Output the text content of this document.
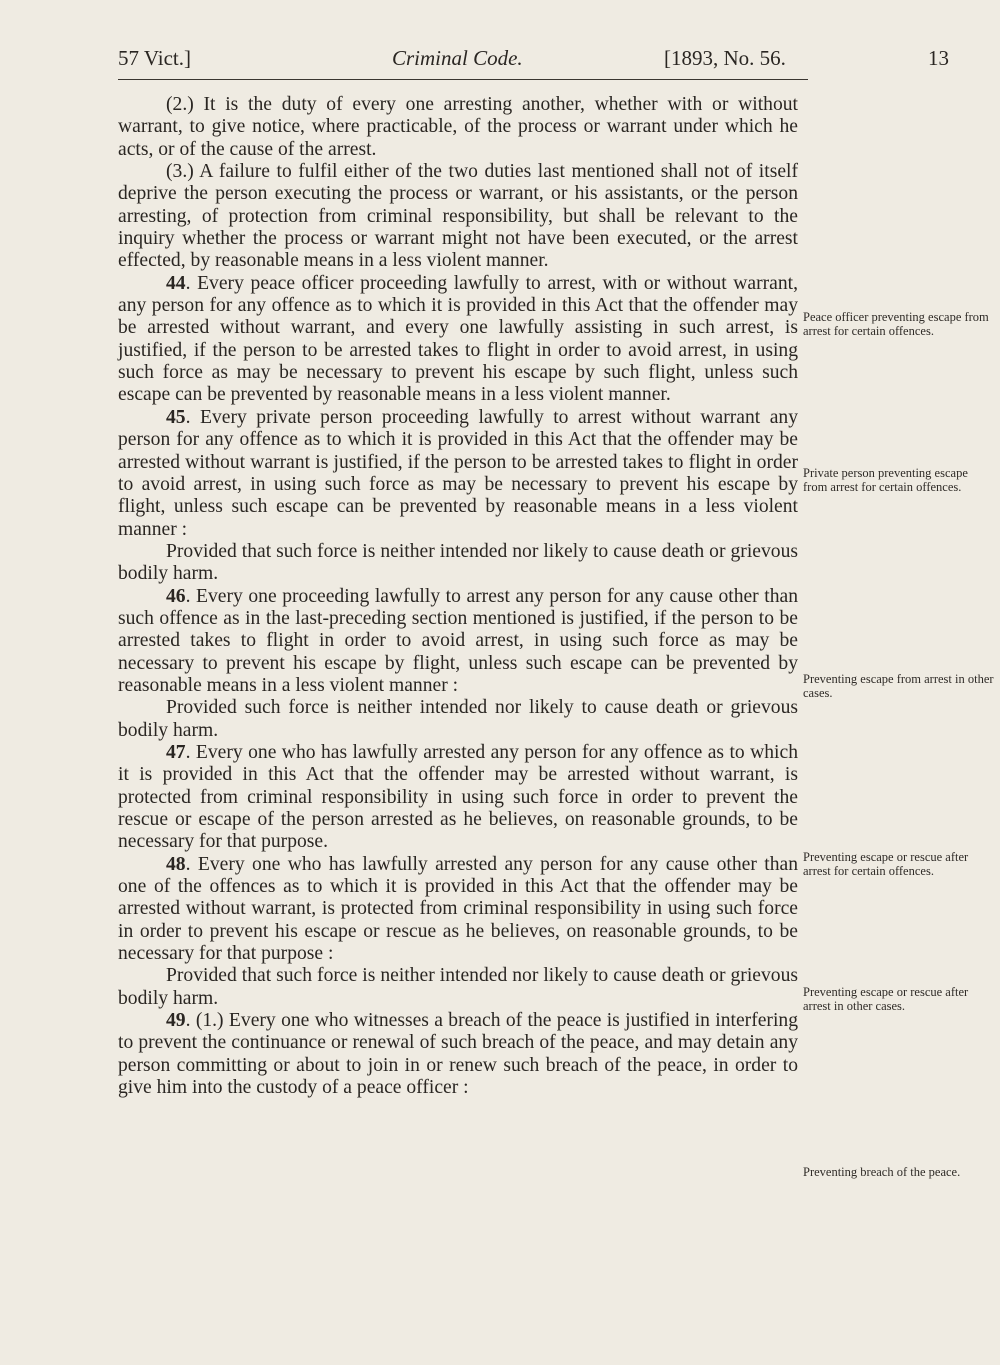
57 Vict.]	Criminal Code.	[1893, No. 56.	13

(2.) It is the duty of every one arresting another, whether with or without warrant, to give notice, where practicable, of the process or warrant under which he acts, or of the cause of the arrest.

(3.) A failure to fulfil either of the two duties last mentioned shall not of itself deprive the person executing the process or warrant, or his assistants, or the person arresting, of protection from criminal responsibility, but shall be relevant to the inquiry whether the process or warrant might not have been executed, or the arrest effected, by reasonable means in a less violent manner.

44. Every peace officer proceeding lawfully to arrest, with or without warrant, any person for any offence as to which it is provided in this Act that the offender may be arrested without warrant, and every one lawfully assisting in such arrest, is justified, if the person to be arrested takes to flight in order to avoid arrest, in using such force as may be necessary to prevent his escape by such flight, unless such escape can be prevented by reasonable means in a less violent manner.

45. Every private person proceeding lawfully to arrest without warrant any person for any offence as to which it is provided in this Act that the offender may be arrested without warrant is justified, if the person to be arrested takes to flight in order to avoid arrest, in using such force as may be necessary to prevent his escape by flight, unless such escape can be prevented by reasonable means in a less violent manner :

Provided that such force is neither intended nor likely to cause death or grievous bodily harm.

46. Every one proceeding lawfully to arrest any person for any cause other than such offence as in the last-preceding section mentioned is justified, if the person to be arrested takes to flight in order to avoid arrest, in using such force as may be necessary to prevent his escape by flight, unless such escape can be prevented by reasonable means in a less violent manner :

Provided such force is neither intended nor likely to cause death or grievous bodily harm.

47. Every one who has lawfully arrested any person for any offence as to which it is provided in this Act that the offender may be arrested without warrant, is protected from criminal responsibility in using such force in order to prevent the rescue or escape of the person arrested as he believes, on reasonable grounds, to be necessary for that purpose.

48. Every one who has lawfully arrested any person for any cause other than one of the offences as to which it is provided in this Act that the offender may be arrested without warrant, is protected from criminal responsibility in using such force in order to prevent his escape or rescue as he believes, on reasonable grounds, to be necessary for that purpose :

Provided that such force is neither intended nor likely to cause death or grievous bodily harm.

49. (1.) Every one who witnesses a breach of the peace is justified in interfering to prevent the continuance or renewal of such breach of the peace, and may detain any person committing or about to join in or renew such breach of the peace, in order to give him into the custody of a peace officer :

Peace officer preventing escape from arrest for certain offences.
Private person preventing escape from arrest for certain offences.
Preventing escape from arrest in other cases.
Preventing escape or rescue after arrest for certain offences.
Preventing escape or rescue after arrest in other cases.
Preventing breach of the peace.
